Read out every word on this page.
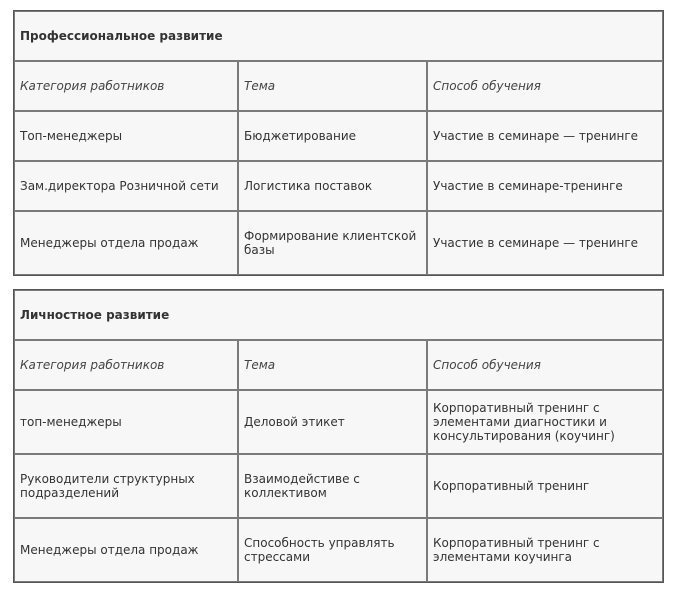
Профессиональное развитие		
Категория работников	Тема	Способ обучения
Топ-менеджеры	Бюджетирование	Участие в семинаре — тренинге
Зам.директора Розничной сети	Логистика поставок	Участие в семинаре-тренинге
Менеджеры отдела продаж	Формирование клиентской базы	Участие в семинаре — тренинге
Личностное развитие		
Категория работников	Тема	Способ обучения
топ-менеджеры	Деловой этикет	Корпоративный тренинг с элементами диагностики и консультирования (коучинг)
Руководители структурных подразделений	Взаимодейстиве с коллективом	Корпоративный тренинг
Менеджеры отдела продаж	Способность управлять стрессами	Корпоративный тренинг с элементами коучинга
